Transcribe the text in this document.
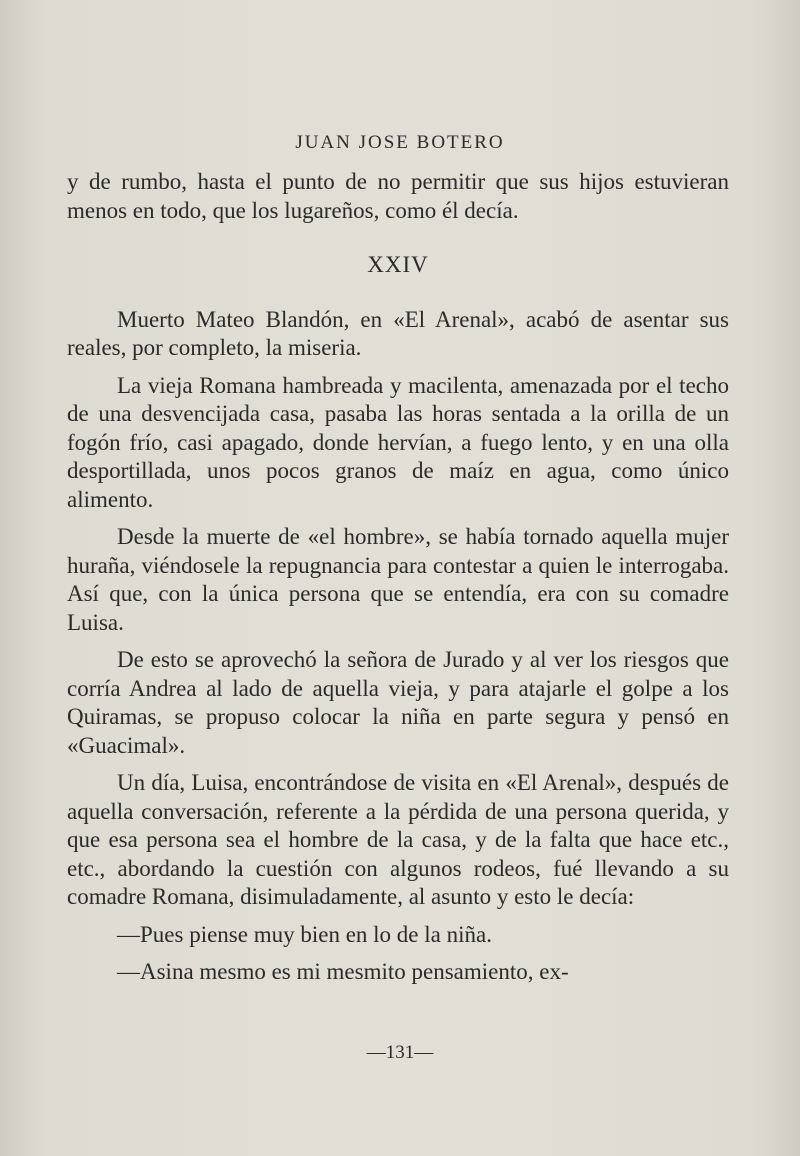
JUAN JOSE BOTERO

y de rumbo, hasta el punto de no permitir que sus hijos estuvieran menos en todo, que los lugareños, como él decía.

XXIV

Muerto Mateo Blandón, en «El Arenal», acabó de asentar sus reales, por completo, la miseria.

La vieja Romana hambreada y macilenta, amenazada por el techo de una desvencijada casa, pasaba las horas sentada a la orilla de un fogón frío, casi apagado, donde hervían, a fuego lento, y en una olla desportillada, unos pocos granos de maíz en agua, como único alimento.

Desde la muerte de «el hombre», se había tornado aquella mujer huraña, viéndosele la repugnancia para contestar a quien le interrogaba. Así que, con la única persona que se entendía, era con su comadre Luisa.

De esto se aprovechó la señora de Jurado y al ver los riesgos que corría Andrea al lado de aquella vieja, y para atajarle el golpe a los Quiramas, se propuso colocar la niña en parte segura y pensó en «Guacimal».

Un día, Luisa, encontrándose de visita en «El Arenal», después de aquella conversación, referente a la pérdida de una persona querida, y que esa persona sea el hombre de la casa, y de la falta que hace etc., etc., abordando la cuestión con algunos rodeos, fué llevando a su comadre Romana, disimuladamente, al asunto y esto le decía:

—Pues piense muy bien en lo de la niña.

—Asina mesmo es mi mesmito pensamiento, ex-

—131—
